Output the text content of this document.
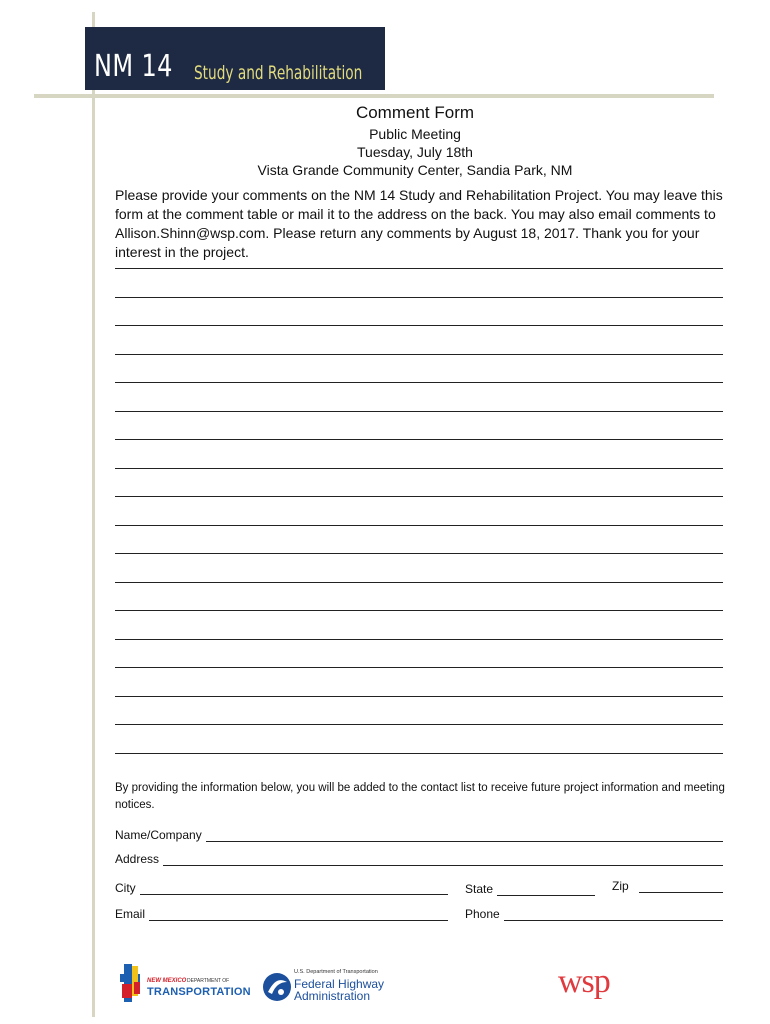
NM 14 Study and Rehabilitation
Comment Form
Public Meeting
Tuesday, July 18th
Vista Grande Community Center, Sandia Park, NM
Please provide your comments on the NM 14 Study and Rehabilitation Project. You may leave this form at the comment table or mail it to the address on the back. You may also email comments to Allison.Shinn@wsp.com. Please return any comments by August 18, 2017. Thank you for your interest in the project.
By providing the information below, you will be added to the contact list to receive future project information and meeting notices.
Name/Company
Address
City	State	Zip
Email	Phone
NEW MEXICO DEPARTMENT OF
TRANSPORTATION
U.S. Department of Transportation
Federal Highway
Administration	wsp
